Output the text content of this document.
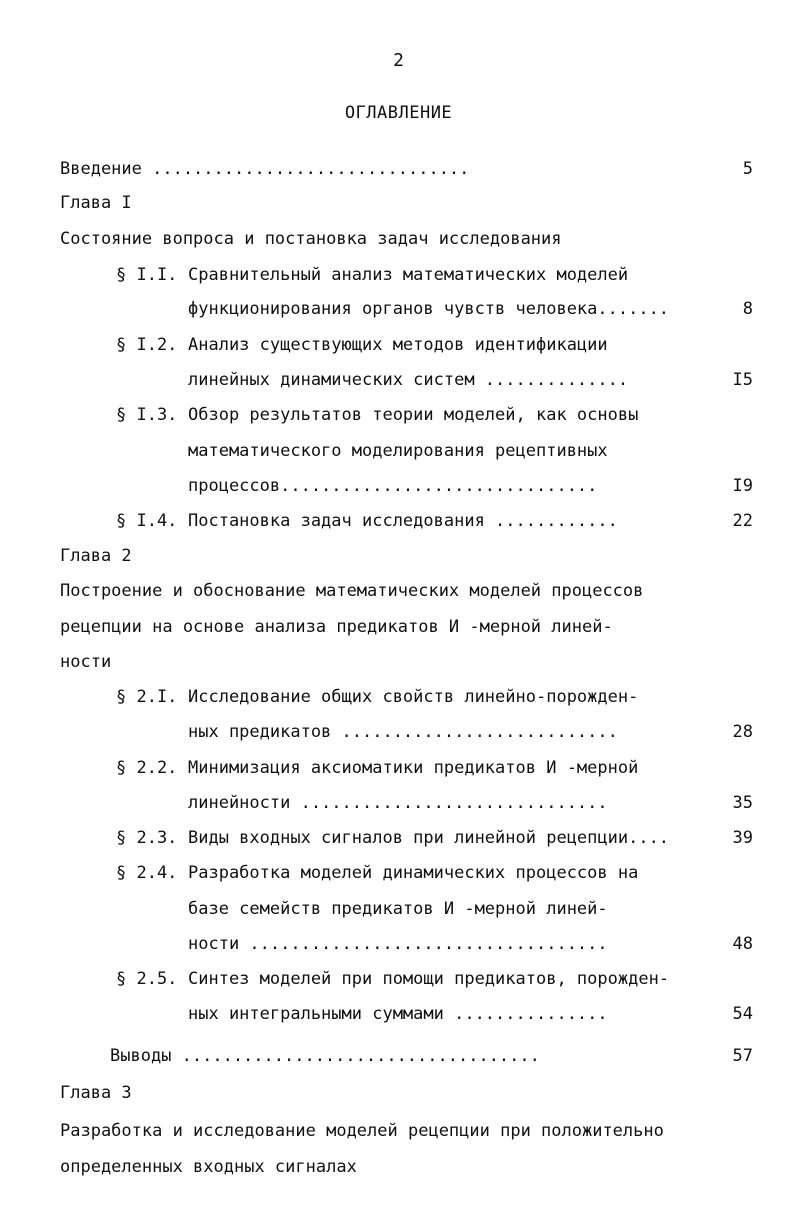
2
ОГЛАВЛЕНИЕ
Введение ...............................	5
Глава I
Состояние вопроса и постановка задач исследования
§ I.I. Сравнительный анализ математических моделей
функционирования органов чувств человека.......	8
§ I.2. Анализ существующих методов идентификации
линейных динамических систем ..............	I5
§ I.3. Обзор результатов теории моделей, как основы
математического моделирования рецептивных
процессов...............................	I9
§ I.4. Постановка задач исследования ............	22
Глава 2
Построение и обоснование математических моделей процессов
рецепции на основе анализа предикатов И -мерной линей-
ности
§ 2.I. Исследование общих свойств линейно-порожден-
ных предикатов ...........................	28
§ 2.2. Минимизация аксиоматики предикатов И -мерной
линейности ..............................	35
§ 2.3. Виды входных сигналов при линейной рецепции....	39
§ 2.4. Разработка моделей динамических процессов на
базе семейств предикатов И -мерной линей-
ности ...................................	48
§ 2.5. Синтез моделей при помощи предикатов, порожден-
ных интегральными суммами ...............	54
Выводы ...................................	57
Глава 3
Разработка и исследование моделей рецепции при положительно
определенных входных сигналах
